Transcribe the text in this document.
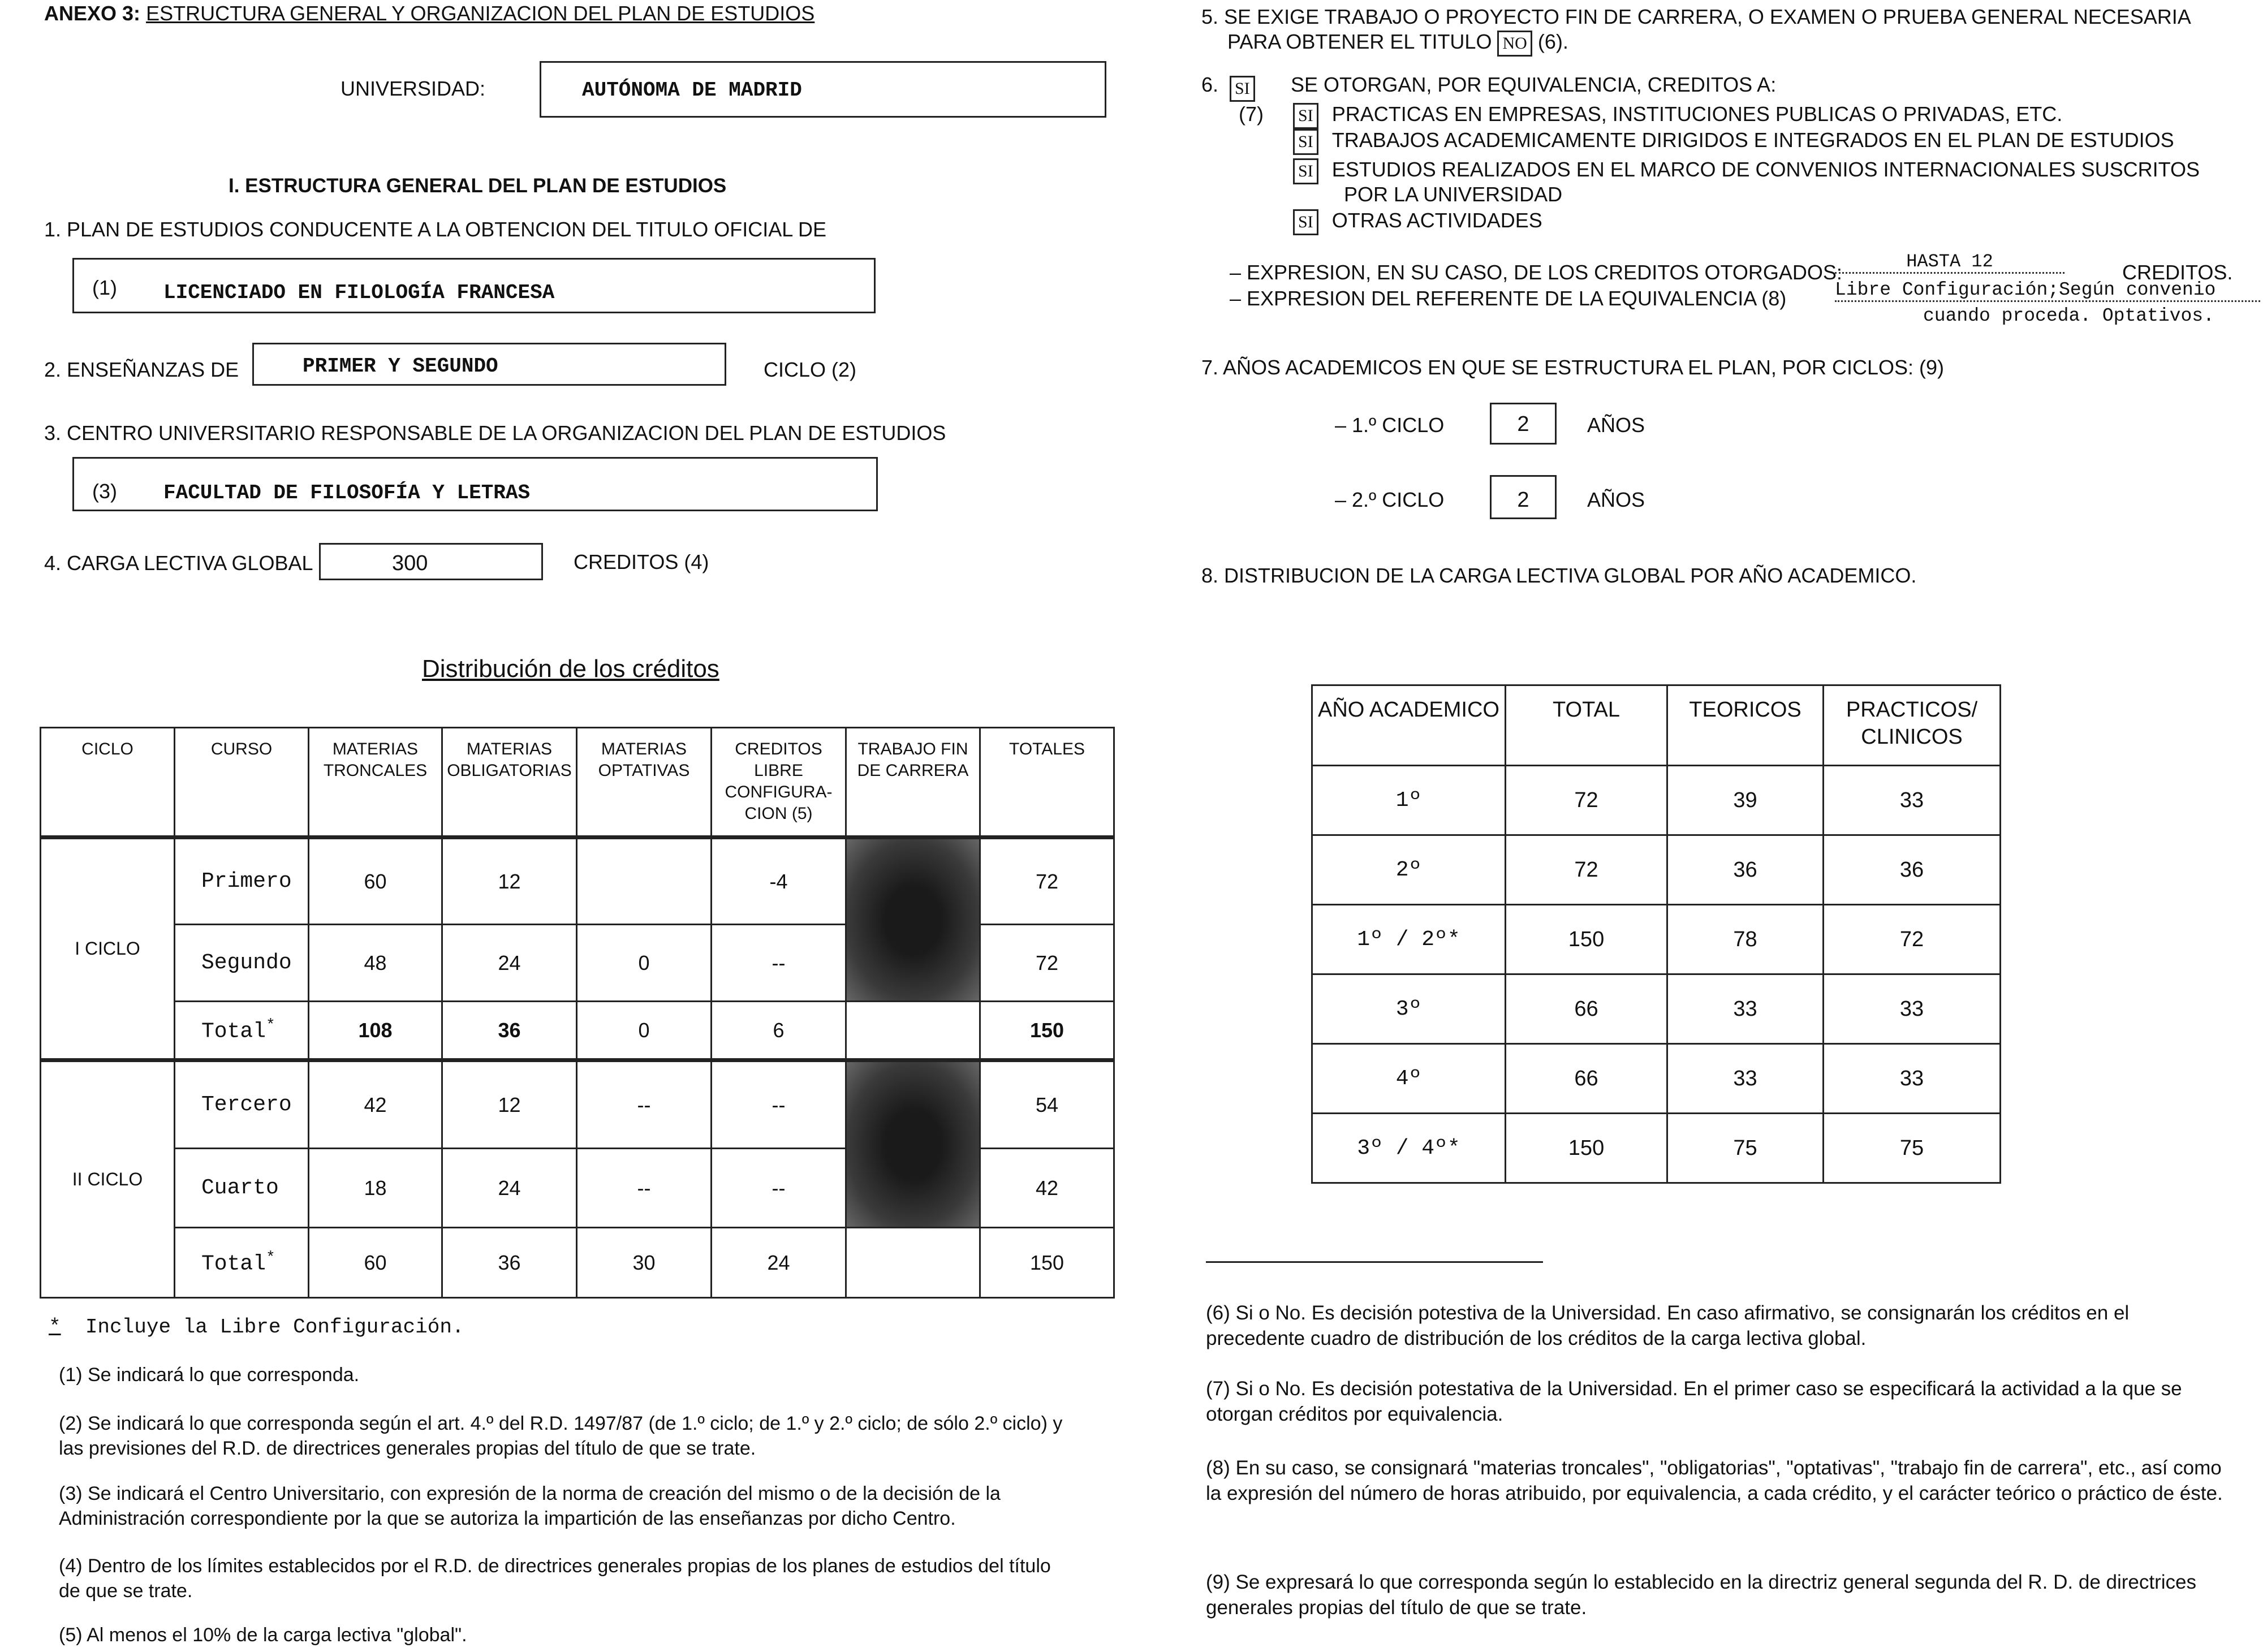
ANEXO 3: ESTRUCTURA GENERAL Y ORGANIZACION DEL PLAN DE ESTUDIOS
UNIVERSIDAD:	AUTÓNOMA DE MADRID
I. ESTRUCTURA GENERAL DEL PLAN DE ESTUDIOS
1. PLAN DE ESTUDIOS CONDUCENTE A LA OBTENCION DEL TITULO OFICIAL DE
(1) LICENCIADO EN FILOLOGÍA FRANCESA
2. ENSEÑANZAS DE	PRIMER Y SEGUNDO	CICLO (2)
3. CENTRO UNIVERSITARIO RESPONSABLE DE LA ORGANIZACION DEL PLAN DE ESTUDIOS
(3) FACULTAD DE FILOSOFÍA Y LETRAS
4. CARGA LECTIVA GLOBAL	300	CREDITOS (4)
Distribución de los créditos
CICLO	CURSO	MATERIAS TRONCALES	MATERIAS OBLIGATORIAS	MATERIAS OPTATIVAS	CREDITOS LIBRE CONFIGURA-CION (5)	TRABAJO FIN DE CARRERA	TOTALES
I CICLO	Primero	60	12		-4		72
	Segundo	48	24	0	--		72
	Total*	108	36	0	6		150
II CICLO	Tercero	42	12	--	--		54
	Cuarto	18	24	--	--		42
	Total*	60	36	30	24		150
* Incluye la Libre Configuración.
(1) Se indicará lo que corresponda.
(2) Se indicará lo que corresponda según el art. 4.º del R.D. 1497/87 (de 1.º ciclo; de 1.º y 2.º ciclo; de sólo 2.º ciclo) y las previsiones del R.D. de directrices generales propias del título de que se trate.
(3) Se indicará el Centro Universitario, con expresión de la norma de creación del mismo o de la decisión de la Administración correspondiente por la que se autoriza la impartición de las enseñanzas por dicho Centro.
(4) Dentro de los límites establecidos por el R.D. de directrices generales propias de los planes de estudios del título de que se trate.
(5) Al menos el 10% de la carga lectiva "global".
5. SE EXIGE TRABAJO O PROYECTO FIN DE CARRERA, O EXAMEN O PRUEBA GENERAL NECESARIA
PARA OBTENER EL TITULO NO (6).
6. SI
(7)
SE OTORGAN, POR EQUIVALENCIA, CREDITOS A:
SI PRACTICAS EN EMPRESAS, INSTITUCIONES PUBLICAS O PRIVADAS, ETC.
SI TRABAJOS ACADEMICAMENTE DIRIGIDOS E INTEGRADOS EN EL PLAN DE ESTUDIOS
SI ESTUDIOS REALIZADOS EN EL MARCO DE CONVENIOS INTERNACIONALES SUSCRITOS
POR LA UNIVERSIDAD
SI OTRAS ACTIVIDADES
– EXPRESION, EN SU CASO, DE LOS CREDITOS OTORGADOS:	HASTA 12	CREDITOS.
– EXPRESION DEL REFERENTE DE LA EQUIVALENCIA (8)	Libre Configuración;Según convenio
cuando proceda. Optativos.
7. AÑOS ACADEMICOS EN QUE SE ESTRUCTURA EL PLAN, POR CICLOS: (9)
– 1.º CICLO	2	AÑOS
– 2.º CICLO	2	AÑOS
8. DISTRIBUCION DE LA CARGA LECTIVA GLOBAL POR AÑO ACADEMICO.
AÑO ACADEMICO	TOTAL	TEORICOS	PRACTICOS/ CLINICOS
1º	72	39	33
2º	72	36	36
1º / 2º*	150	78	72
3º	66	33	33
4º	66	33	33
3º / 4º*	150	75	75
(6) Si o No. Es decisión potestiva de la Universidad. En caso afirmativo, se consignarán los créditos en el precedente cuadro de distribución de los créditos de la carga lectiva global.
(7) Si o No. Es decisión potestativa de la Universidad. En el primer caso se especificará la actividad a la que se otorgan créditos por equivalencia.
(8) En su caso, se consignará "materias troncales", "obligatorias", "optativas", "trabajo fin de carrera", etc., así como la expresión del número de horas atribuido, por equivalencia, a cada crédito, y el carácter teórico o práctico de éste.
(9) Se expresará lo que corresponda según lo establecido en la directriz general segunda del R. D. de directrices generales propias del título de que se trate.
